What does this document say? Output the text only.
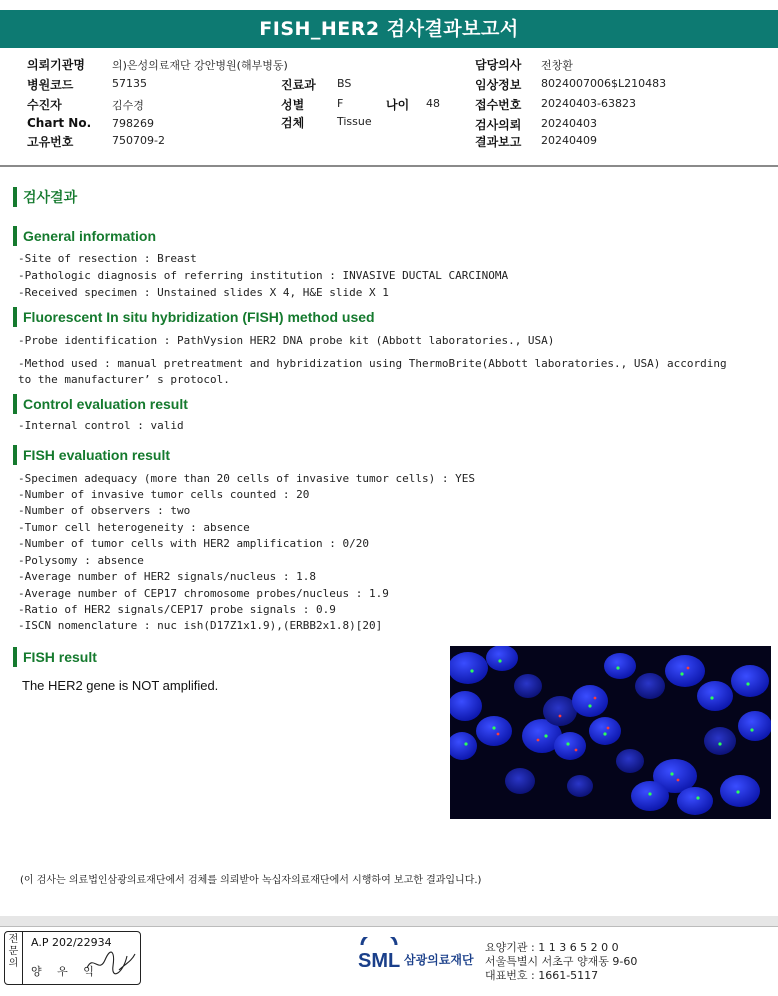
FISH_HER2 검사결과보고서
의뢰기관명 의)은성의료재단 강안병원(해부병동)
병원코드	57135
수진자	김수경
Chart No. 798269
고유번호	750709-2
진료과 BS
성별	F	나이 48
검체	Tissue
담당의사 전창환
임상정보 8024007006$L210483
접수번호 20240403-63823
검사의뢰 20240403
결과보고 20240409
검사결과
General information
-Site of resection : Breast
-Pathologic diagnosis of referring institution : INVASIVE DUCTAL CARCINOMA
-Received specimen : Unstained slides X 4, H&E slide X 1
Fluorescent In situ hybridization (FISH) method used
-Probe identification : PathVysion HER2 DNA probe kit (Abbott laboratories., USA)
-Method used : manual pretreatment and hybridization using ThermoBrite(Abbott laboratories., USA) according
to the manufacturer’ s protocol.
Control evaluation result
-Internal control : valid
FISH evaluation result
-Specimen adequacy (more than 20 cells of invasive tumor cells) : YES
-Number of invasive tumor cells counted : 20
-Number of observers : two
-Tumor cell heterogeneity : absence
-Number of tumor cells with HER2 amplification : 0/20
-Polysomy : absence
-Average number of HER2 signals/nucleus : 1.8
-Average number of CEP17 chromosome probes/nucleus : 1.9
-Ratio of HER2 signals/CEP17 probe signals : 0.9
-ISCN nomenclature : nuc ish(D17Z1x1.9),(ERBB2x1.8)[20]
FISH result
The HER2 gene is NOT amplified.
(이 검사는 의료법인삼광의료재단에서 검체를 의뢰받아 녹십자의료재단에서 시행하여 보고한 결과입니다.)
전문의
A.P 202/22934
양 우 익	SML 삼광의료재단
요양기관 : 1 1 3 6 5 2 0 0
서울특별시 서초구 양재동 9-60
대표번호 : 1661-5117
